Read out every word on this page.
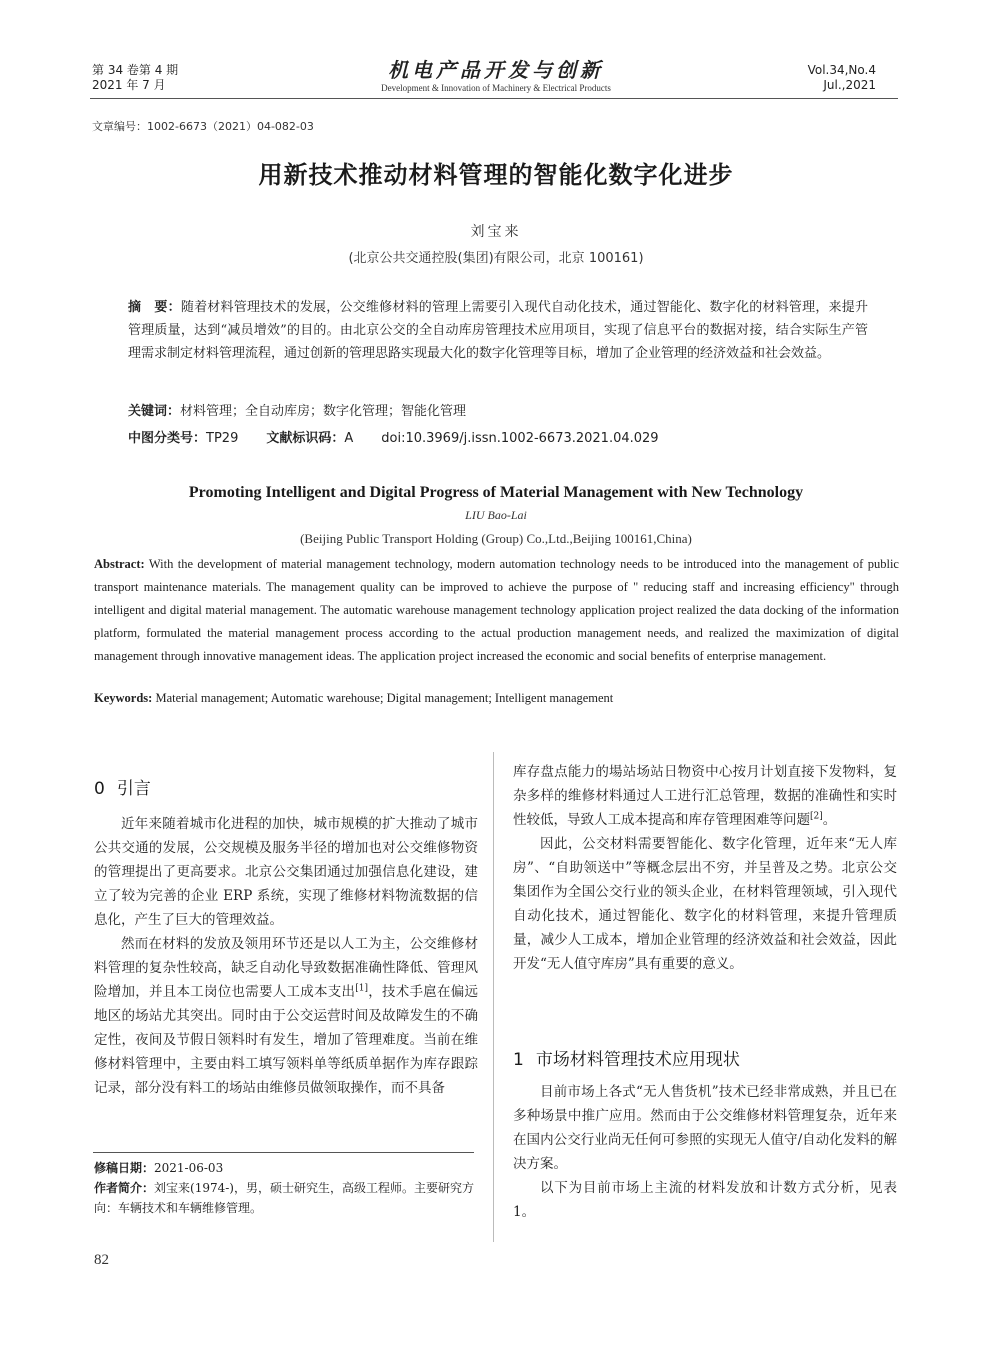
第 34 卷第 4 期
2021 年 7 月
机电产品开发与创新
Development & Innovation of Machinery & Electrical Products
Vol.34,No.4
Jul.,2021
文章编号：1002-6673（2021）04-082-03
用新技术推动材料管理的智能化数字化进步
刘宝来
(北京公共交通控股(集团)有限公司，北京 100161)
摘　要：随着材料管理技术的发展，公交维修材料的管理上需要引入现代自动化技术，通过智能化、数字化的材料管理，来提升管理质量，达到“减员增效”的目的。由北京公交的全自动库房管理技术应用项目，实现了信息平台的数据对接，结合实际生产管理需求制定材料管理流程，通过创新的管理思路实现最大化的数字化管理等目标，增加了企业管理的经济效益和社会效益。
关键词：材料管理；全自动库房；数字化管理；智能化管理
中图分类号：TP29 文献标识码：A doi:10.3969/j.issn.1002-6673.2021.04.029
Promoting Intelligent and Digital Progress of Material Management with New Technology
LIU Bao-Lai
(Beijing Public Transport Holding (Group) Co.,Ltd.,Beijing 100161,China)
Abstract: With the development of material management technology, modern automation technology needs to be introduced into the management of public transport maintenance materials. The management quality can be improved to achieve the purpose of " reducing staff and increasing efficiency" through intelligent and digital material management. The automatic warehouse management technology application project realized the data docking of the information platform, formulated the material management process according to the actual production management needs, and realized the maximization of digital management through innovative management ideas. The application project increased the economic and social benefits of enterprise management.
Keywords: Material management; Automatic warehouse; Digital management; Intelligent management
0 引言

近年来随着城市化进程的加快，城市规模的扩大推动了城市公共交通的发展，公交规模及服务半径的增加也对公交维修物资的管理提出了更高要求。北京公交集团通过加强信息化建设，建立了较为完善的企业 ERP 系统，实现了维修材料物流数据的信息化，产生了巨大的管理效益。

然而在材料的发放及领用环节还是以人工为主，公交维修材料管理的复杂性较高，缺乏自动化导致数据准确性降低、管理风险增加，并且本工岗位也需要人工成本支出[1]，技术手扈在偏远地区的场站尤其突出。同时由于公交运营时间及故障发生的不确定性，夜间及节假日领料时有发生，增加了管理难度。当前在维修材料管理中，主要由料工填写领料单等纸质单据作为库存跟踪记录，部分没有料工的场站由维修员做领取操作，而不具备

修稿日期：2021-06-03
作者简介：刘宝来(1974-)，男，硕士研究生，高级工程师。主要研究方向：车辆技术和车辆维修管理。

库存盘点能力的場站场站日物资中心按月计划直接下发物料，复杂多样的维修材料通过人工进行汇总管理，数据的准确性和实时性较低，导致人工成本提高和库存管理困难等问题[2]。

因此，公交材料需要智能化、数字化管理，近年来“无人库房”、“自助领送中”等概念层出不穷，并呈普及之势。北京公交集团作为全国公交行业的领头企业，在材料管理领域，引入现代自动化技术，通过智能化、数字化的材料管理，来提升管理质量，减少人工成本，增加企业管理的经济效益和社会效益，因此开发“无人值守库房”具有重要的意义。

1 市场材料管理技术应用现状

目前市场上各式“无人售货机”技术已经非常成熟，并且已在多种场景中推广应用。然而由于公交维修材料管理复杂，近年来在国内公交行业尚无任何可参照的实现无人值守/自动化发料的解决方案。

以下为目前市场上主流的材料发放和计数方式分析，见表 1。

82
